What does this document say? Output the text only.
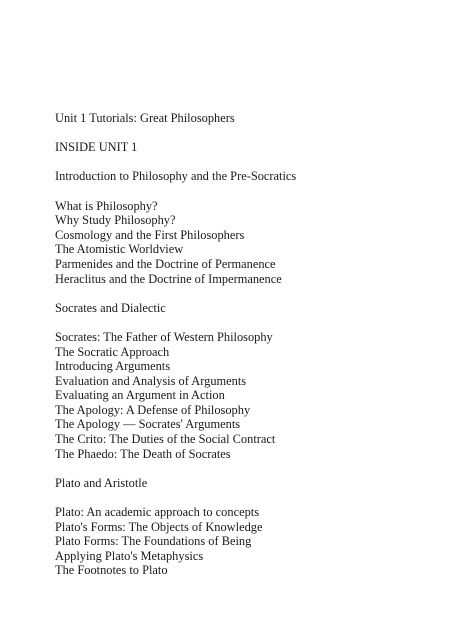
Unit 1 Tutorials: Great Philosophers
INSIDE UNIT 1
Introduction to Philosophy and the Pre-Socratics
What is Philosophy?
Why Study Philosophy?
Cosmology and the First Philosophers
The Atomistic Worldview
Parmenides and the Doctrine of Permanence
Heraclitus and the Doctrine of Impermanence
Socrates and Dialectic
Socrates: The Father of Western Philosophy
The Socratic Approach
Introducing Arguments
Evaluation and Analysis of Arguments
Evaluating an Argument in Action
The Apology: A Defense of Philosophy
The Apology — Socrates' Arguments
The Crito: The Duties of the Social Contract
The Phaedo: The Death of Socrates
Plato and Aristotle
Plato: An academic approach to concepts
Plato's Forms: The Objects of Knowledge
Plato Forms: The Foundations of Being
Applying Plato's Metaphysics
The Footnotes to Plato
